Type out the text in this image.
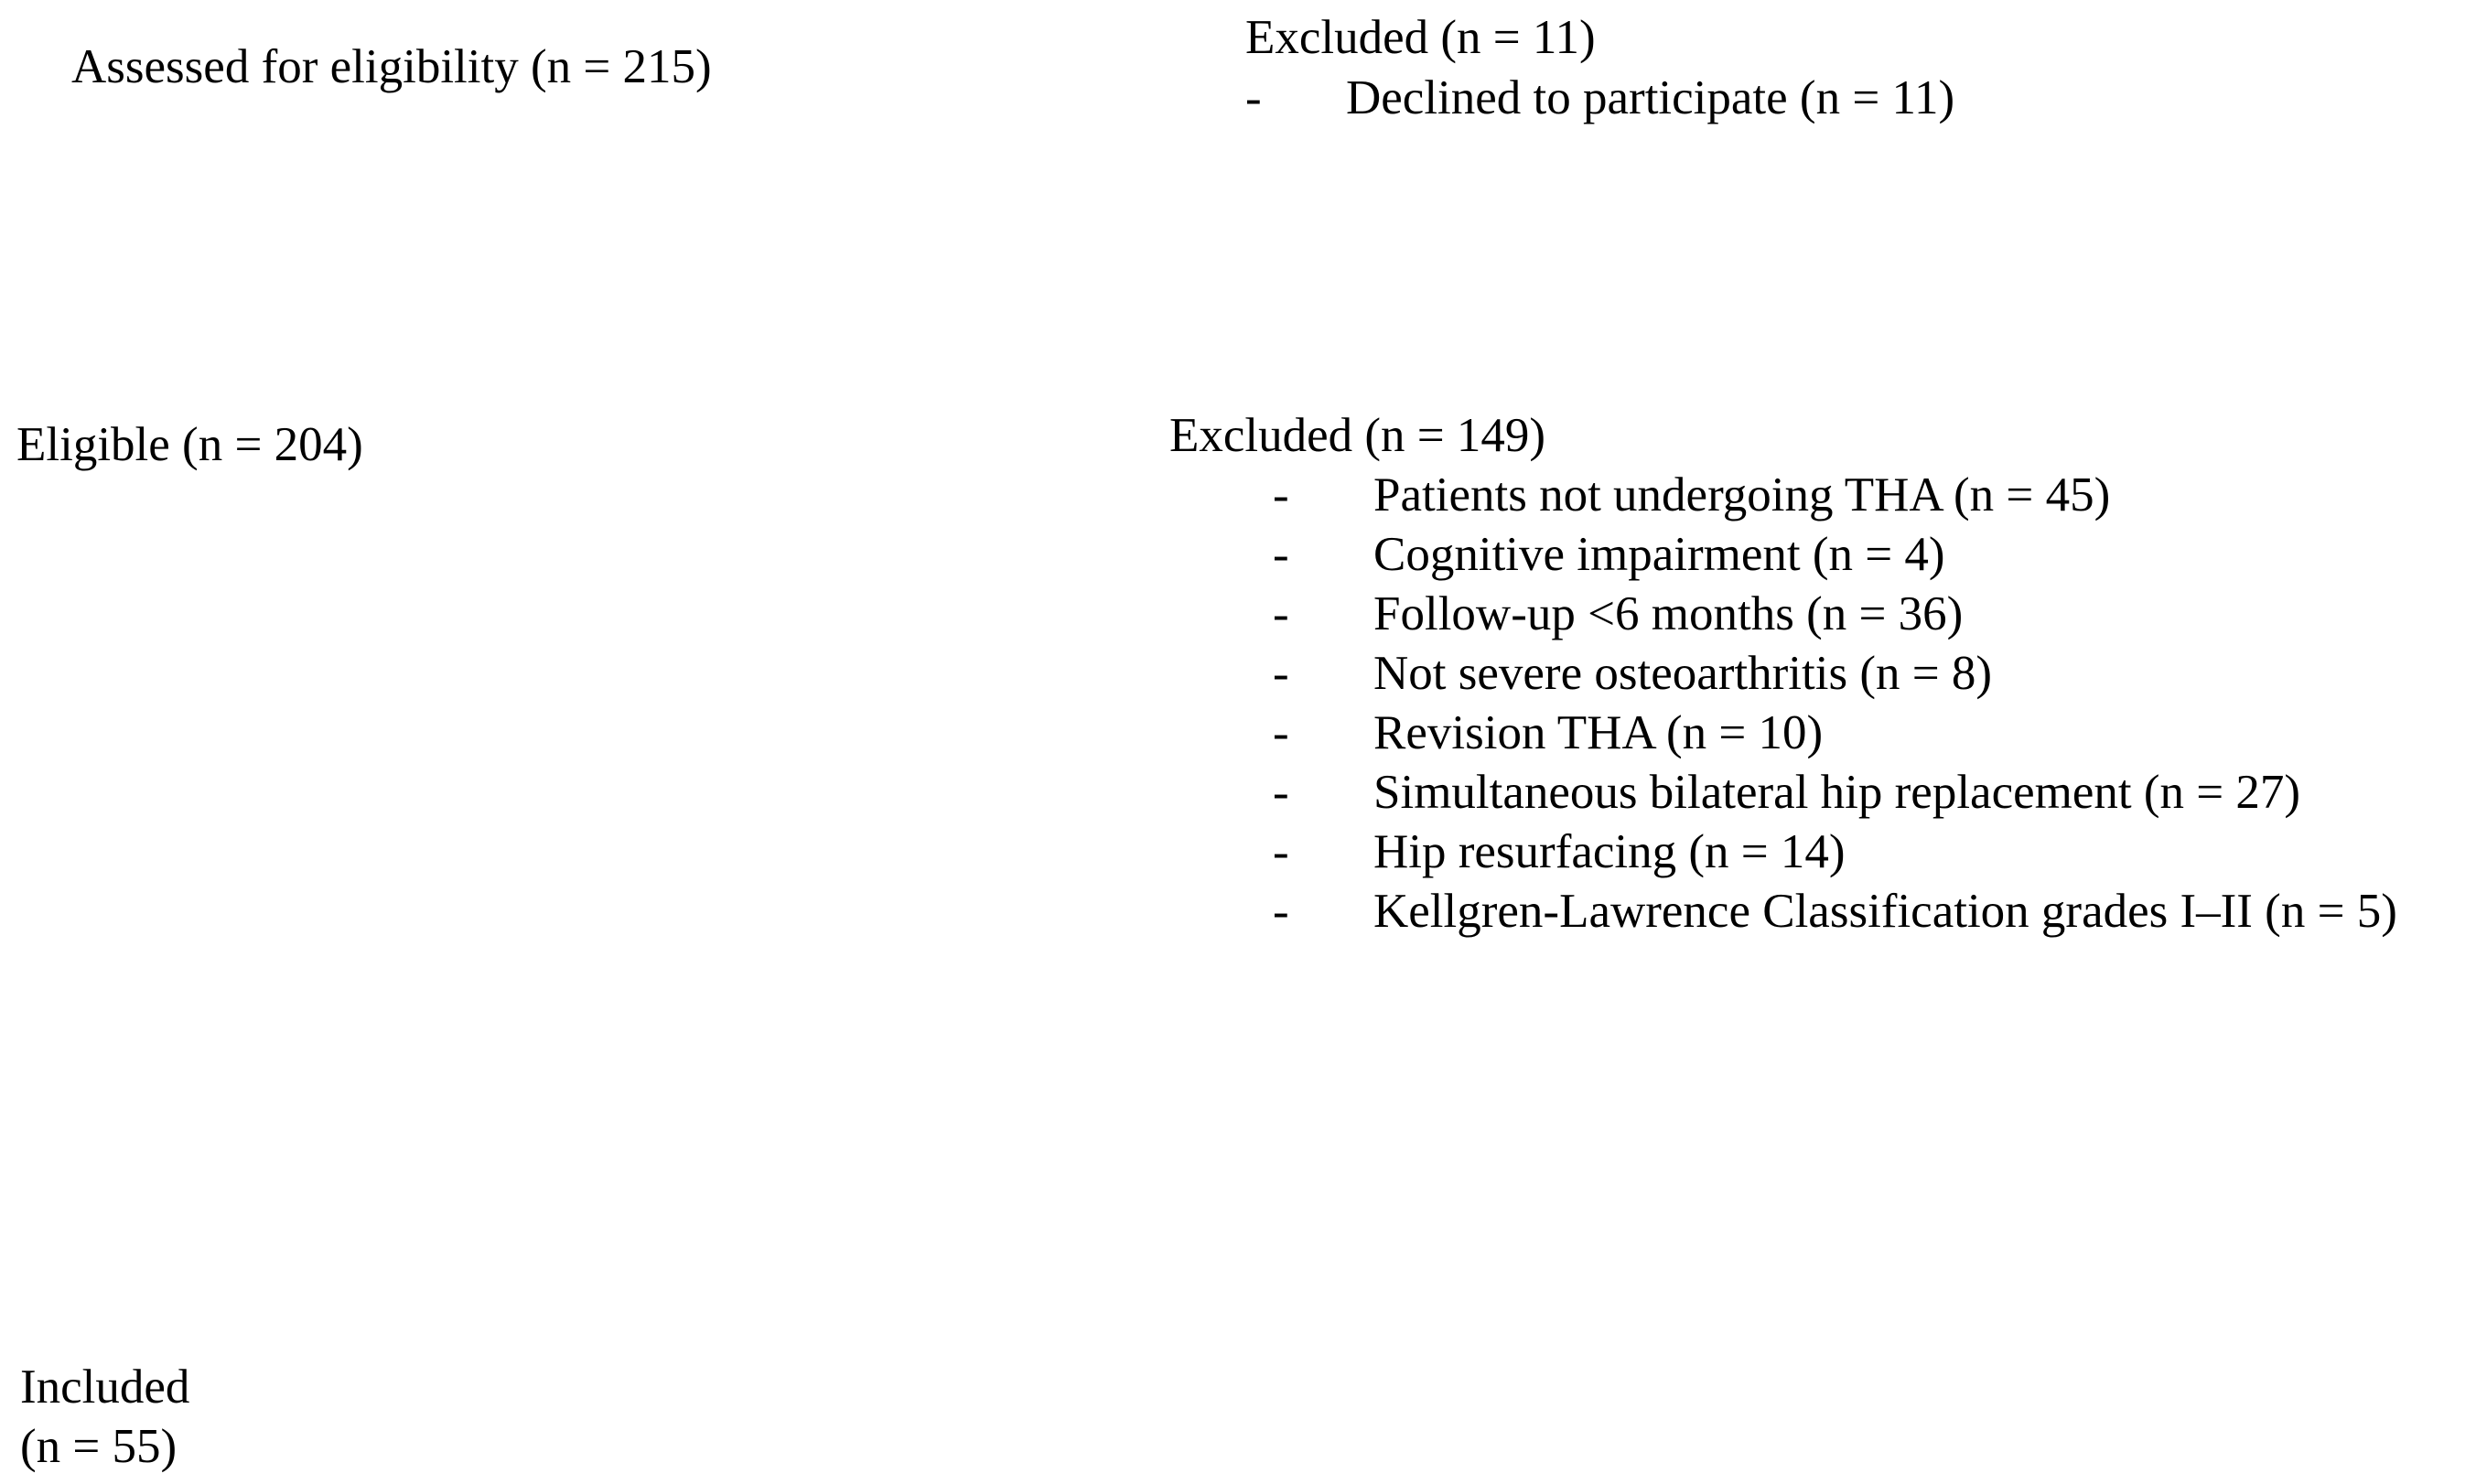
Assessed for eligibility (n = 215)
Excluded (n = 11)
-	Declined to participate (n = 11)
Eligible (n = 204)	Excluded (n = 149)
-	Patients not undergoing THA (n = 45)
-	Cognitive impairment (n = 4)
-	Follow-up <6 months (n = 36)
-	Not severe osteoarthritis (n = 8)
-	Revision THA (n = 10)
-	Simultaneous bilateral hip replacement (n = 27)
-	Hip resurfacing (n = 14)
-	Kellgren-Lawrence Classification grades I–II (n = 5)
Included
(n = 55)
